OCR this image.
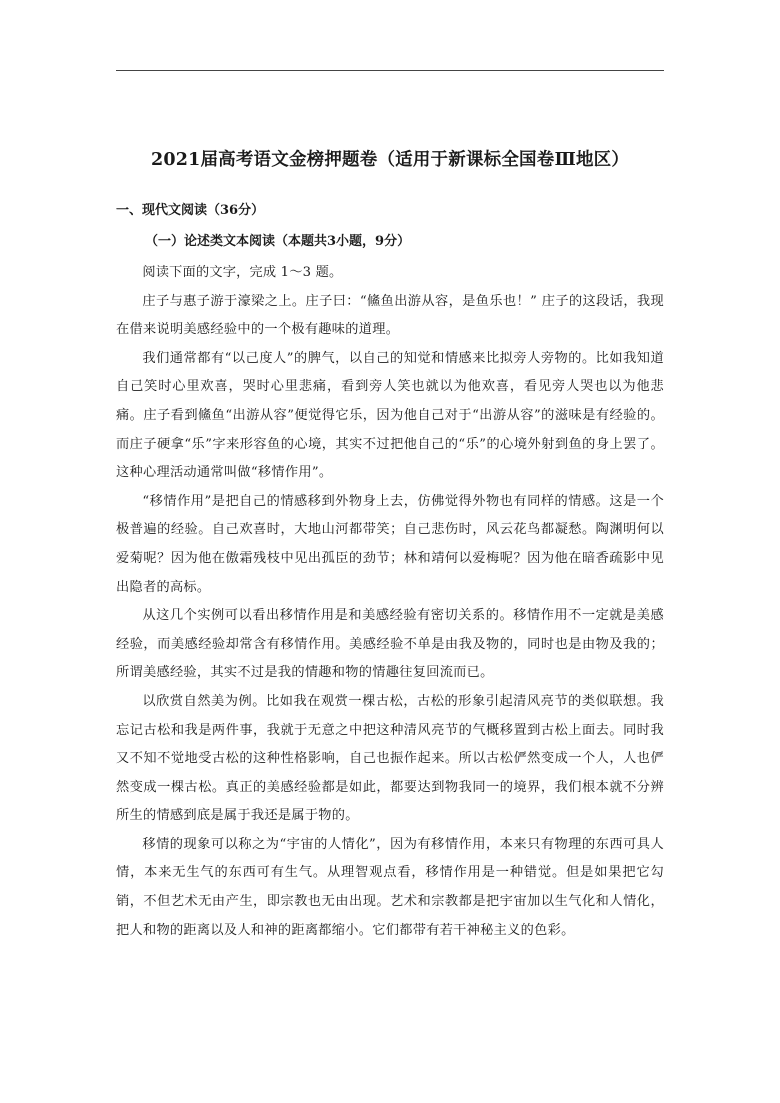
2021届高考语文金榜押题卷（适用于新课标全国卷Ⅲ地区）
一、现代文阅读（36分）
（一）论述类文本阅读（本题共3小题，9分）

阅读下面的文字，完成 1～3 题。

庄子与惠子游于濠梁之上。庄子曰：“鯈鱼出游从容，是鱼乐也！” 庄子的这段话，我现在借来说明美感经验中的一个极有趣味的道理。

我们通常都有“以己度人”的脾气，以自己的知觉和情感来比拟旁人旁物的。比如我知道自己笑时心里欢喜，哭时心里悲痛，看到旁人笑也就以为他欢喜，看见旁人哭也以为他悲痛。庄子看到鯈鱼“出游从容”便觉得它乐，因为他自己对于“出游从容”的滋味是有经验的。而庄子硬拿“乐”字来形容鱼的心境，其实不过把他自己的“乐”的心境外射到鱼的身上罢了。这种心理活动通常叫做“移情作用”。

“移情作用”是把自己的情感移到外物身上去，仿佛觉得外物也有同样的情感。这是一个极普遍的经验。自己欢喜时，大地山河都带笑；自己悲伤时，风云花鸟都凝愁。陶渊明何以爱菊呢？因为他在傲霜残枝中见出孤臣的劲节；林和靖何以爱梅呢？因为他在暗香疏影中见出隐者的高标。

从这几个实例可以看出移情作用是和美感经验有密切关系的。移情作用不一定就是美感经验，而美感经验却常含有移情作用。美感经验不单是由我及物的，同时也是由物及我的；所谓美感经验，其实不过是我的情趣和物的情趣往复回流而已。

以欣赏自然美为例。比如我在观赏一棵古松，古松的形象引起清风亮节的类似联想。我忘记古松和我是两件事，我就于无意之中把这种清风亮节的气概移置到古松上面去。同时我又不知不觉地受古松的这种性格影响，自己也振作起来。所以古松俨然变成一个人，人也俨然变成一棵古松。真正的美感经验都是如此，都要达到物我同一的境界，我们根本就不分辨所生的情感到底是属于我还是属于物的。

移情的现象可以称之为“宇宙的人情化”，因为有移情作用，本来只有物理的东西可具人情，本来无生气的东西可有生气。从理智观点看，移情作用是一种错觉。但是如果把它勾销，不但艺术无由产生，即宗教也无由出现。艺术和宗教都是把宇宙加以生气化和人情化，把人和物的距离以及人和神的距离都缩小。它们都带有若干神秘主义的色彩。
